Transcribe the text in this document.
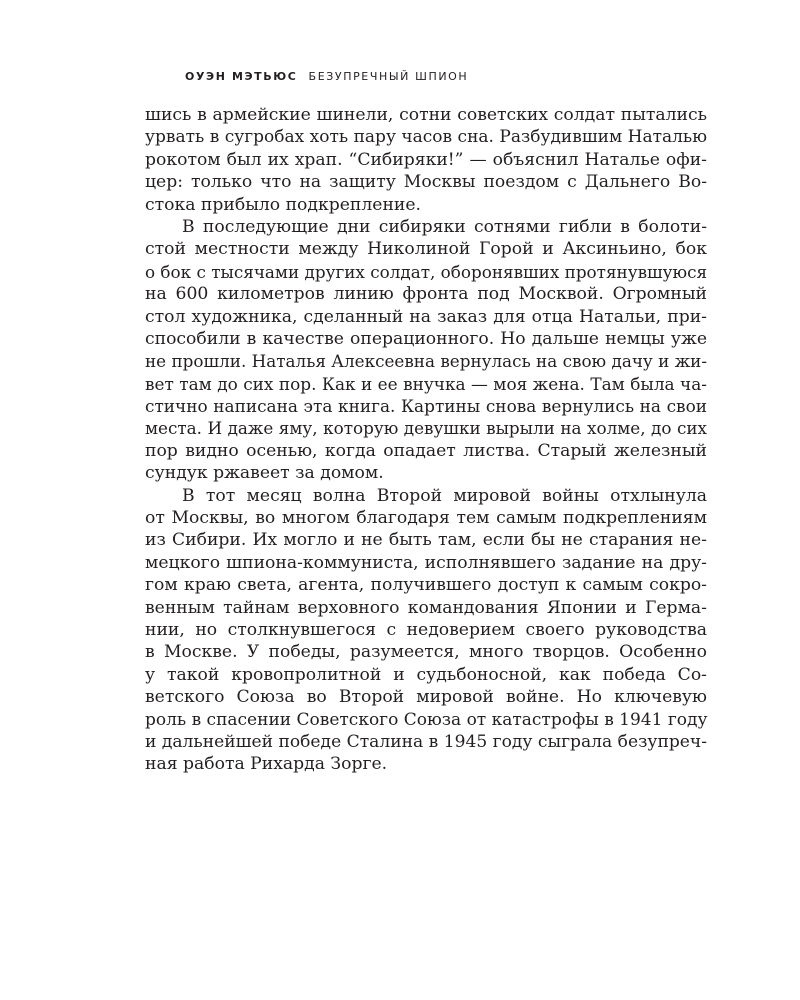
ОУЭН МЭТЬЮС БЕЗУПРЕЧНЫЙ ШПИОН
шись в армейские шинели, сотни советских солдат пытались
урвать в сугробах хоть пару часов сна. Разбудившим Наталью
рокотом был их храп. “Сибиряки!” — объяснил Наталье офи-
цер: только что на защиту Москвы поездом с Дальнего Во-
стока прибыло подкрепление.
В последующие дни сибиряки сотнями гибли в болоти-
стой местности между Николиной Горой и Аксиньино, бок
о бок с тысячами других солдат, оборонявших протянувшуюся
на 600 километров линию фронта под Москвой. Огромный
стол художника, сделанный на заказ для отца Натальи, при-
способили в качестве операционного. Но дальше немцы уже
не прошли. Наталья Алексеевна вернулась на свою дачу и жи-
вет там до сих пор. Как и ее внучка — моя жена. Там была ча-
стично написана эта книга. Картины снова вернулись на свои
места. И даже яму, которую девушки вырыли на холме, до сих
пор видно осенью, когда опадает листва. Старый железный
сундук ржавеет за домом.
В тот месяц волна Второй мировой войны отхлынула
от Москвы, во многом благодаря тем самым подкреплениям
из Сибири. Их могло и не быть там, если бы не старания не-
мецкого шпиона-коммуниста, исполнявшего задание на дру-
гом краю света, агента, получившего доступ к самым сокро-
венным тайнам верховного командования Японии и Герма-
нии, но столкнувшегося с недоверием своего руководства
в Москве. У победы, разумеется, много творцов. Особенно
у такой кровопролитной и судьбоносной, как победа Со-
ветского Союза во Второй мировой войне. Но ключевую
роль в спасении Советского Союза от катастрофы в 1941 году
и дальнейшей победе Сталина в 1945 году сыграла безупреч-
ная работа Рихарда Зорге.
